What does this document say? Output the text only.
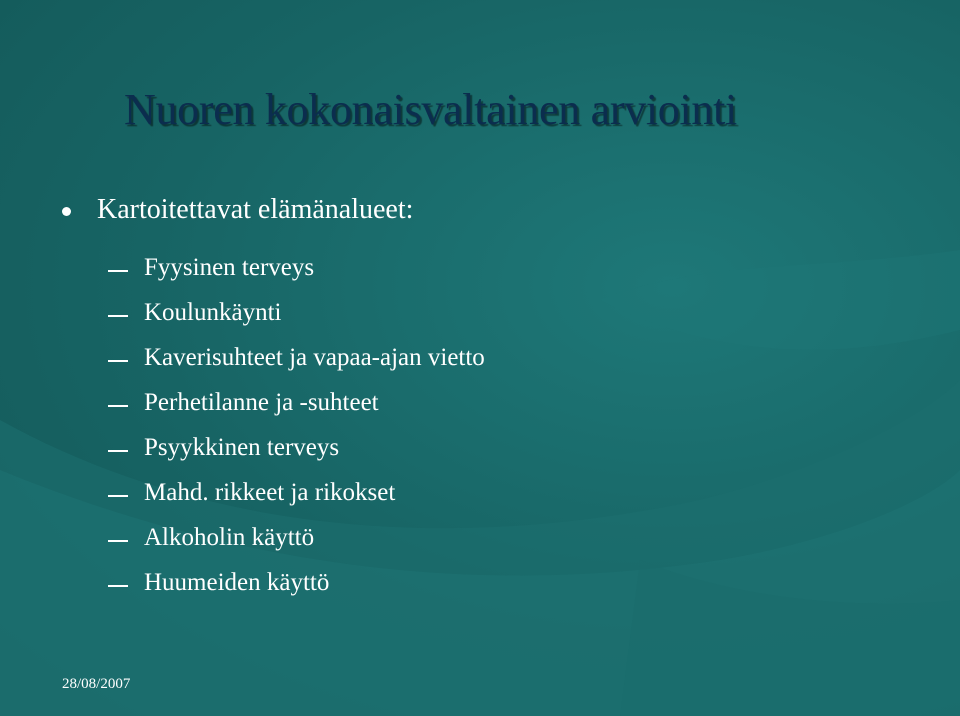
Nuoren kokonaisvaltainen arviointi
Kartoitettavat elämänalueet:
Fyysinen terveys
Koulunkäynti
Kaverisuhteet ja vapaa-ajan vietto
Perhetilanne ja -suhteet
Psyykkinen terveys
Mahd. rikkeet ja rikokset
Alkoholin käyttö
Huumeiden käyttö
28/08/2007
